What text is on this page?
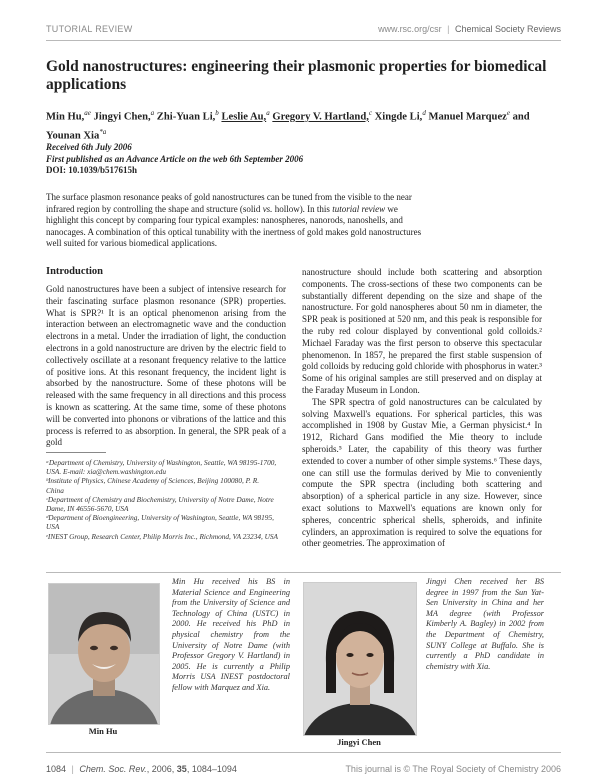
TUTORIAL REVIEW	www.rsc.org/csr | Chemical Society Reviews
Gold nanostructures: engineering their plasmonic properties for biomedical applications
Min Hu,$^{ae}$ Jingyi Chen,$^a$ Zhi-Yuan Li,$^b$ Leslie Au,$^a$ Gregory V. Hartland,$^c$ Xingde Li,$^d$ Manuel Marquez$^e$ and
Younan Xia$^{*a}$
Received 6th July 2006
First published as an Advance Article on the web 6th September 2006
DOI: 10.1039/b517615h
The surface plasmon resonance peaks of gold nanostructures can be tuned from the visible to the near infrared region by controlling the shape and structure (solid vs. hollow). In this tutorial review we highlight this concept by comparing four typical examples: nanospheres, nanorods, nanoshells, and nanocages. A combination of this optical tunability with the inertness of gold makes gold nanostructures well suited for various biomedical applications.
Introduction

Gold nanostructures have been a subject of intensive research for their fascinating surface plasmon resonance (SPR) properties. What is SPR?¹ It is an optical phenomenon arising from the interaction between an electromagnetic wave and the conduction electrons in a metal. Under the irradiation of light, the conduction electrons in a gold nanostructure are driven by the electric field to collectively oscillate at a resonant frequency relative to the lattice of positive ions. At this resonant frequency, the incident light is absorbed by the nanostructure. Some of these photons will be released with the same frequency in all directions and this process is known as scattering. At the same time, some of these photons will be converted into phonons or vibrations of the lattice and this process is referred to as absorption. In general, the SPR peak of a gold

nanostructure should include both scattering and absorption components. The cross-sections of these two components can be substantially different depending on the size and shape of the nanostructure. For gold nanospheres about 50 nm in diameter, the SPR peak is positioned at 520 nm, and this peak is responsible for the ruby red colour displayed by conventional gold colloids.² Michael Faraday was the first person to observe this spectacular phenomenon. In 1857, he prepared the first stable suspension of gold colloids by reducing gold chloride with phosphorus in water.³ Some of his original samples are still preserved and on display at the Faraday Museum in London.

The SPR spectra of gold nanostructures can be calculated by solving Maxwell's equations. For spherical particles, this was accomplished in 1908 by Gustav Mie, a German physicist.⁴ In 1912, Richard Gans modified the Mie theory to include spheroids.⁵ Later, the capability of this theory was further extended to cover a number of other simple systems.⁶ These days, one can still use the formulas derived by Mie to conveniently compute the SPR spectra (including both scattering and absorption) of a spherical particle in any size. However, since exact solutions to Maxwell's equations are known only for spheres, concentric spherical shells, spheroids, and infinite cylinders, an approximation is required to solve the equations for other geometries. The approximation of

ᵃDepartment of Chemistry, University of Washington, Seattle, WA 98195-1700, USA. E-mail: xia@chem.washington.edu
ᵇInstitute of Physics, Chinese Academy of Sciences, Beijing 100080, P. R. China
ᶜDepartment of Chemistry and Biochemistry, University of Notre Dame, Notre Dame, IN 46556-5670, USA
ᵈDepartment of Bioengineering, University of Washington, Seattle, WA 98195, USA
ᵉINEST Group, Research Center, Philip Morris Inc., Richmond, VA 23234, USA
Min Hu
Min Hu received his BS in Material Science and Engineering from the University of Science and Technology of China (USTC) in 2000. He received his PhD in physical chemistry from the University of Notre Dame (with Professor Gregory V. Hartland) in 2005. He is currently a Philip Morris USA INEST postdoctoral fellow with Marquez and Xia.
Jingyi Chen
Jingyi Chen received her BS degree in 1997 from the Sun Yat-Sen University in China and her MA degree (with Professor Kimberly A. Bagley) in 2002 from the Department of Chemistry, SUNY College at Buffalo. She is currently a PhD candidate in chemistry with Xia.
1084 | Chem. Soc. Rev., 2006, 35, 1084–1094	This journal is © The Royal Society of Chemistry 2006
